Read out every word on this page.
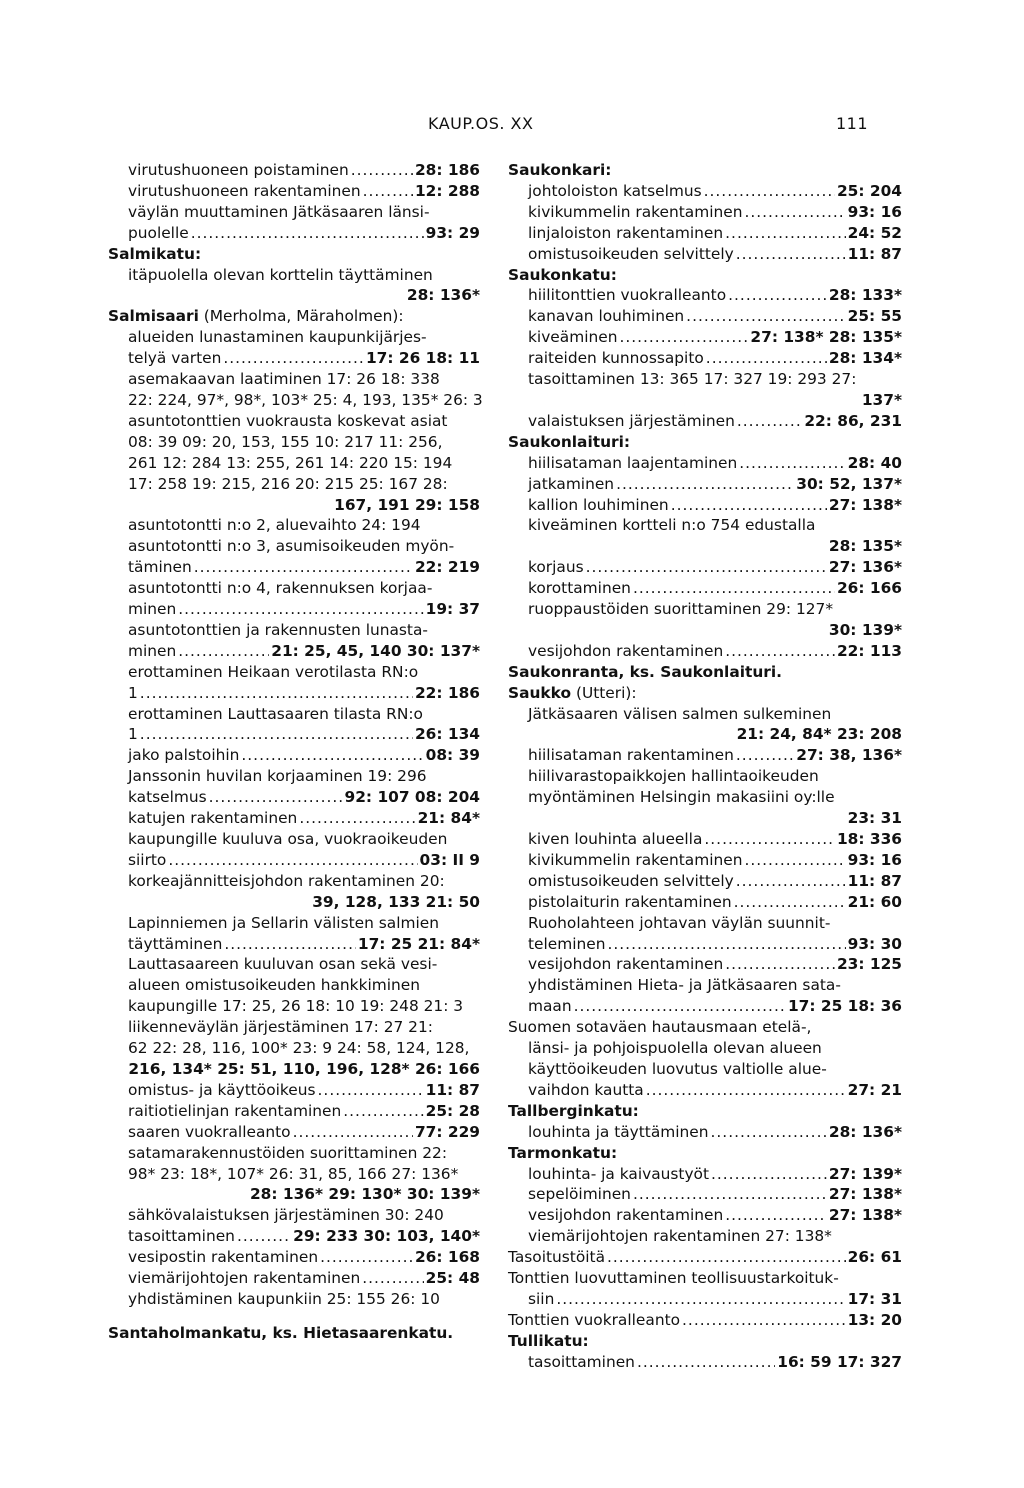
KAUP.OS. XX	111
virutushuoneen poistaminen .....	28: 186
virutushuoneen rakentaminen .....	12: 288
väylän muuttaminen Jätkäsaaren länsi-
puolelle .....	93: 29
Salmikatu:
itäpuolella olevan korttelin täyttäminen
28: 136*
Salmisaari (Merholma, Märaholmen):
alueiden lunastaminen kaupunkijärjes-
telyä varten .....	17: 26 18: 11
asemakaavan laatiminen 17: 26 18: 338
22: 224, 97*, 98*, 103* 25: 4, 193, 135* 26: 3
asuntotonttien vuokrausta koskevat asiat
08: 39 09: 20, 153, 155 10: 217 11: 256,
261 12: 284 13: 255, 261 14: 220 15: 194
17: 258 19: 215, 216 20: 215 25: 167 28:
167, 191 29: 158
asuntotontti n:o 2, aluevaihto 24: 194
asuntotontti n:o 3, asumisoikeuden myön-
täminen .....	22: 219
asuntotontti n:o 4, rakennuksen korjaa-
minen .....	19: 37
asuntotonttien ja rakennusten lunasta-
minen .....	21: 25, 45, 140 30: 137*
erottaminen Heikaan verotilasta RN:o
1 .....	22: 186
erottaminen Lauttasaaren tilasta RN:o
1 .....	26: 134
jako palstoihin .....	08: 39
Janssonin huvilan korjaaminen 19: 296
katselmus .....	92: 107 08: 204
katujen rakentaminen .....	21: 84*
kaupungille kuuluva osa, vuokraoikeuden
siirto .....	03: II 9
korkeajännitteisjohdon rakentaminen 20:
39, 128, 133 21: 50
Lapinniemen ja Sellarin välisten salmien
täyttäminen .....	17: 25 21: 84*
Lauttasaareen kuuluvan osan sekä vesi-
alueen omistusoikeuden hankkiminen
kaupungille 17: 25, 26 18: 10 19: 248 21: 3
liikenneväylän järjestäminen 17: 27 21:
62 22: 28, 116, 100* 23: 9 24: 58, 124, 128,
216, 134* 25: 51, 110, 196, 128* 26: 166
omistus- ja käyttöoikeus .....	11: 87
raitiotielinjan rakentaminen .....	25: 28
saaren vuokralleanto .....	77: 229
satamarakennustöiden suorittaminen 22:
98* 23: 18*, 107* 26: 31, 85, 166 27: 136*
28: 136* 29: 130* 30: 139*
sähkövalaistuksen järjestäminen 30: 240
tasoittaminen .....	29: 233 30: 103, 140*
vesipostin rakentaminen .....	26: 168
viemärijohtojen rakentaminen .....	25: 48
yhdistäminen kaupunkiin 25: 155 26: 10
Santaholmankatu, ks. Hietasaarenkatu.
Saukonkari:
johtoloiston katselmus .....	25: 204
kivikummelin rakentaminen .....	93: 16
linjaloiston rakentaminen .....	24: 52
omistusoikeuden selvittely .....	11: 87
Saukonkatu:
hiilitonttien vuokralleanto .....	28: 133*
kanavan louhiminen .....	25: 55
kiveäminen .....	27: 138* 28: 135*
raiteiden kunnossapito .....	28: 134*
tasoittaminen 13: 365 17: 327 19: 293 27:
137*
valaistuksen järjestäminen .....	22: 86, 231
Saukonlaituri:
hiilisataman laajentaminen .....	28: 40
jatkaminen .....	30: 52, 137*
kallion louhiminen .....	27: 138*
kiveäminen kortteli n:o 754 edustalla
28: 135*
korjaus .....	27: 136*
korottaminen .....	26: 166
ruoppaustöiden suorittaminen 29: 127*
30: 139*
vesijohdon rakentaminen .....	22: 113
Saukonranta, ks. Saukonlaituri.
Saukko (Utteri):
Jätkäsaaren välisen salmen sulkeminen
21: 24, 84* 23: 208
hiilisataman rakentaminen .....	27: 38, 136*
hiilivarastopaikkojen hallintaoikeuden
myöntäminen Helsingin makasiini oy:lle
23: 31
kiven louhinta alueella .....	18: 336
kivikummelin rakentaminen .....	93: 16
omistusoikeuden selvittely .....	11: 87
pistolaiturin rakentaminen .....	21: 60
Ruoholahteen johtavan väylän suunnit-
teleminen .....	93: 30
vesijohdon rakentaminen .....	23: 125
yhdistäminen Hieta- ja Jätkäsaaren sata-
maan .....	17: 25 18: 36
Suomen sotaväen hautausmaan etelä-,
länsi- ja pohjoispuolella olevan alueen
käyttöoikeuden luovutus valtiolle alue-
vaihdon kautta .....	27: 21
Tallberginkatu:
louhinta ja täyttäminen .....	28: 136*
Tarmonkatu:
louhinta- ja kaivaustyöt .....	27: 139*
sepelöiminen .....	27: 138*
vesijohdon rakentaminen .....	27: 138*
viemärijohtojen rakentaminen 27: 138*
Tasoitustöitä .....	26: 61
Tonttien luovuttaminen teollisuustarkoituk-
siin .....	17: 31
Tonttien vuokralleanto .....	13: 20
Tullikatu:
tasoittaminen .....	16: 59 17: 327
